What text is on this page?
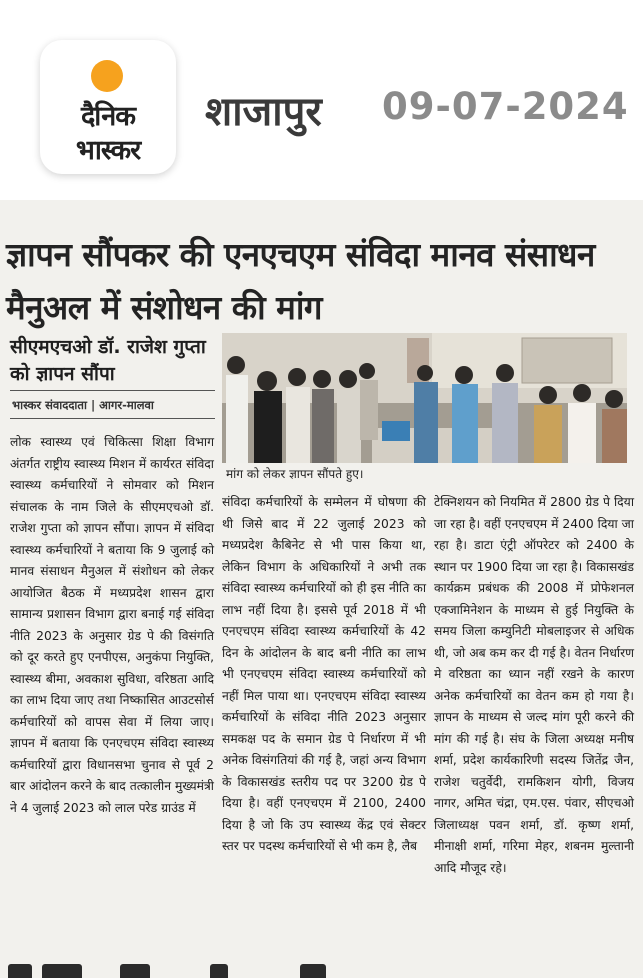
दैनिक
भास्कर
शाजापुर 09-07-2024
ज्ञापन सौंपकर की एनएचएम संविदा मानव संसाधन मैनुअल में संशोधन की मांग
सीएमएचओ डॉ. राजेश गुप्ता को ज्ञापन सौंपा
भास्कर संवाददाता | आगर-मालवा
मांग को लेकर ज्ञापन सौंपते हुए।

लोक स्वास्थ्य एवं चिकित्सा शिक्षा विभाग अंतर्गत राष्ट्रीय स्वास्थ्य मिशन में कार्यरत संविदा स्वास्थ्य कर्मचारियों ने सोमवार को मिशन संचालक के नाम जिले के सीएमएचओ डॉ. राजेश गुप्ता को ज्ञापन सौंपा। ज्ञापन में संविदा स्वास्थ्य कर्मचारियों ने बताया कि 9 जुलाई को मानव संसाधन मैनुअल में संशोधन को लेकर आयोजित बैठक में मध्यप्रदेश शासन द्वारा सामान्य प्रशासन विभाग द्वारा बनाई गई संविदा नीति 2023 के अनुसार ग्रेड पे की विसंगति को दूर करते हुए एनपीएस, अनुकंपा नियुक्ति, स्वास्थ्य बीमा, अवकाश सुविधा, वरिष्ठता आदि का लाभ दिया जाए तथा निष्कासित आउटसोर्स कर्मचारियों को वापस सेवा में लिया जाए। ज्ञापन में बताया कि एनएचएम संविदा स्वास्थ्य कर्मचारियों द्वारा विधानसभा चुनाव से पूर्व 2 बार आंदोलन करने के बाद तत्कालीन मुख्यमंत्री ने 4 जुलाई 2023 को लाल परेड ग्राउंड में

संविदा कर्मचारियों के सम्मेलन में घोषणा की थी जिसे बाद में 22 जुलाई 2023 को मध्यप्रदेश कैबिनेट से भी पास किया था, लेकिन विभाग के अधिकारियों ने अभी तक संविदा स्वास्थ्य कर्मचारियों को ही इस नीति का लाभ नहीं दिया है। इससे पूर्व 2018 में भी एनएचएम संविदा स्वास्थ्य कर्मचारियों के 42 दिन के आंदोलन के बाद बनी नीति का लाभ भी एनएचएम संविदा स्वास्थ्य कर्मचारियों को नहीं मिल पाया था। एनएचएम संविदा स्वास्थ्य कर्मचारियों के संविदा नीति 2023 अनुसार समकक्ष पद के समान ग्रेड पे निर्धारण में भी अनेक विसंगतियां की गई है, जहां अन्य विभाग के विकासखंड स्तरीय पद पर 3200 ग्रेड पे दिया है। वहीं एनएचएम में 2100, 2400 दिया है जो कि उप स्वास्थ्य केंद्र एवं सेक्टर स्तर पर पदस्थ कर्मचारियों से भी कम है, लैब

टेक्निशयन को नियमित में 2800 ग्रेड पे दिया जा रहा है। वहीं एनएचएम में 2400 दिया जा रहा है। डाटा एंट्री ऑपरेटर को 2400 के स्थान पर 1900 दिया जा रहा है। विकासखंड कार्यक्रम प्रबंधक की 2008 में प्रोफेशनल एक्जामिनेशन के माध्यम से हुई नियुक्ति के समय जिला कम्युनिटी मोबलाइजर से अधिक थी, जो अब कम कर दी गई है। वेतन निर्धारण मे वरिष्ठता का ध्यान नहीं रखने के कारण अनेक कर्मचारियों का वेतन कम हो गया है। ज्ञापन के माध्यम से जल्द मांग पूरी करने की मांग की गई है। संघ के जिला अध्यक्ष मनीष शर्मा, प्रदेश कार्यकारिणी सदस्य जितेंद्र जैन, राजेश चतुर्वेदी, रामकिशन योगी, विजय नागर, अमित चंद्रा, एम.एस. पंवार, सीएचओ जिलाध्यक्ष पवन शर्मा, डॉ. कृष्ण शर्मा, मीनाक्षी शर्मा, गरिमा मेहर, शबनम मुल्तानी आदि मौजूद रहे।
